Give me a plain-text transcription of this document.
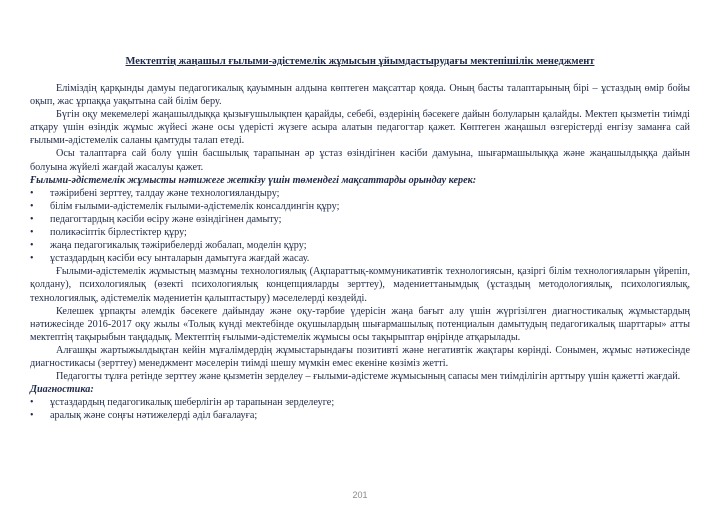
Мектептің жаңашыл ғылыми-әдістемелік жұмысын ұйымдастырудағы мектепішілік менеджмент

Еліміздің қарқынды дамуы педагогикалық қауымнын алдына көптеген мақсаттар қояда. Оның басты талаптарының бірі – ұстаздың өмір бойы оқып, жас ұрпаққа уақытына сай білім беру.

Бүгін оқу мекемелері жаңашылдыққа қызығушылықпен қарайды, себебі, өздерінің бәсекеге дайын болуларын қалайды. Мектеп қызметін тиімді атқару үшін өзіндік жұмыс жүйесі және осы үдерісті жүзеге асыра алатын педагогтар қажет. Көптеген жаңашыл өзгерістерді енгізу заманға сай ғылыми-әдістемелік саланы қамтуды талап етеді.

Осы талаптарға сай болу үшін басшылық тарапынан әр ұстаз өзіндігінен кәсіби дамуына, шығармашылыққа және жаңашылдыққа дайын болуына жүйелі жағдай жасалуы қажет.

Ғылыми-әдістемелік жұмысты нәтижеге жеткізу үшін төмендегі мақсаттарды орындау керек:

• тәжірибені зерттеу, талдау және технологияландыру;
• білім ғылыми-әдістемелік ғылыми-әдістемелік консалдингін құру;
• педагогтардың кәсіби өсіру және өзіндігінен дамыту;
• поликәсіптік бірлестіктер құру;
• жаңа педагогикалық тәжірибелерді жобалап, моделін құру;
• ұстаздардың кәсіби өсу ынталарын дамытуға жағдай жасау.

Ғылыми-әдістемелік жұмыстың мазмұны технологиялық (Ақпараттық-коммуникативтік технологиясын, қазіргі білім технологияларын үйрепіп, қолдану), психологиялық (өзекті психологиялық концепцияларды зерттеу), мәдениеттанымдық (ұстаздың методологиялық, психологиялық, технологиялық, әдістемелік мәдениетін қалыптастыру) мәселелерді көздейді.

Келешек ұрпақты әлемдік бәсекеге дайындау және оқу-тәрбие үдерісін жаңа бағыт алу үшін жүргізілген диагностикалық жұмыстардың нәтижесінде 2016-2017 оқу жылы «Толық күнді мектебінде оқушылардың шығармашылық потенциалын дамытудың педагогикалық шарттары» атты мектептің тақырыбын таңдадық. Мектептің ғылыми-әдістемелік жұмысы осы тақырыптар өңірінде атқарылады.

Алғашқы жартыжылдықтан кейін мұғалімдердің жұмыстарындағы позитивті және негативтік жақтары көрінді. Сонымен, жұмыс нәтижесінде диагностикасы (зерттеу) менеджмент мәселерін тиімді шешу мүмкін емес екеніне көзіміз жетті.

Педагогты тұлға ретінде зерттеу және қызметін зерделеу – ғылыми-әдістеме жұмысының сапасы мен тиімділігін арттыру үшін қажетті жағдай.

Диагностика:

• ұстаздардың педагогикалық шеберлігін әр тарапынан зерделеуге;
• аралық және соңғы нәтижелерді әділ бағалауға;
201
